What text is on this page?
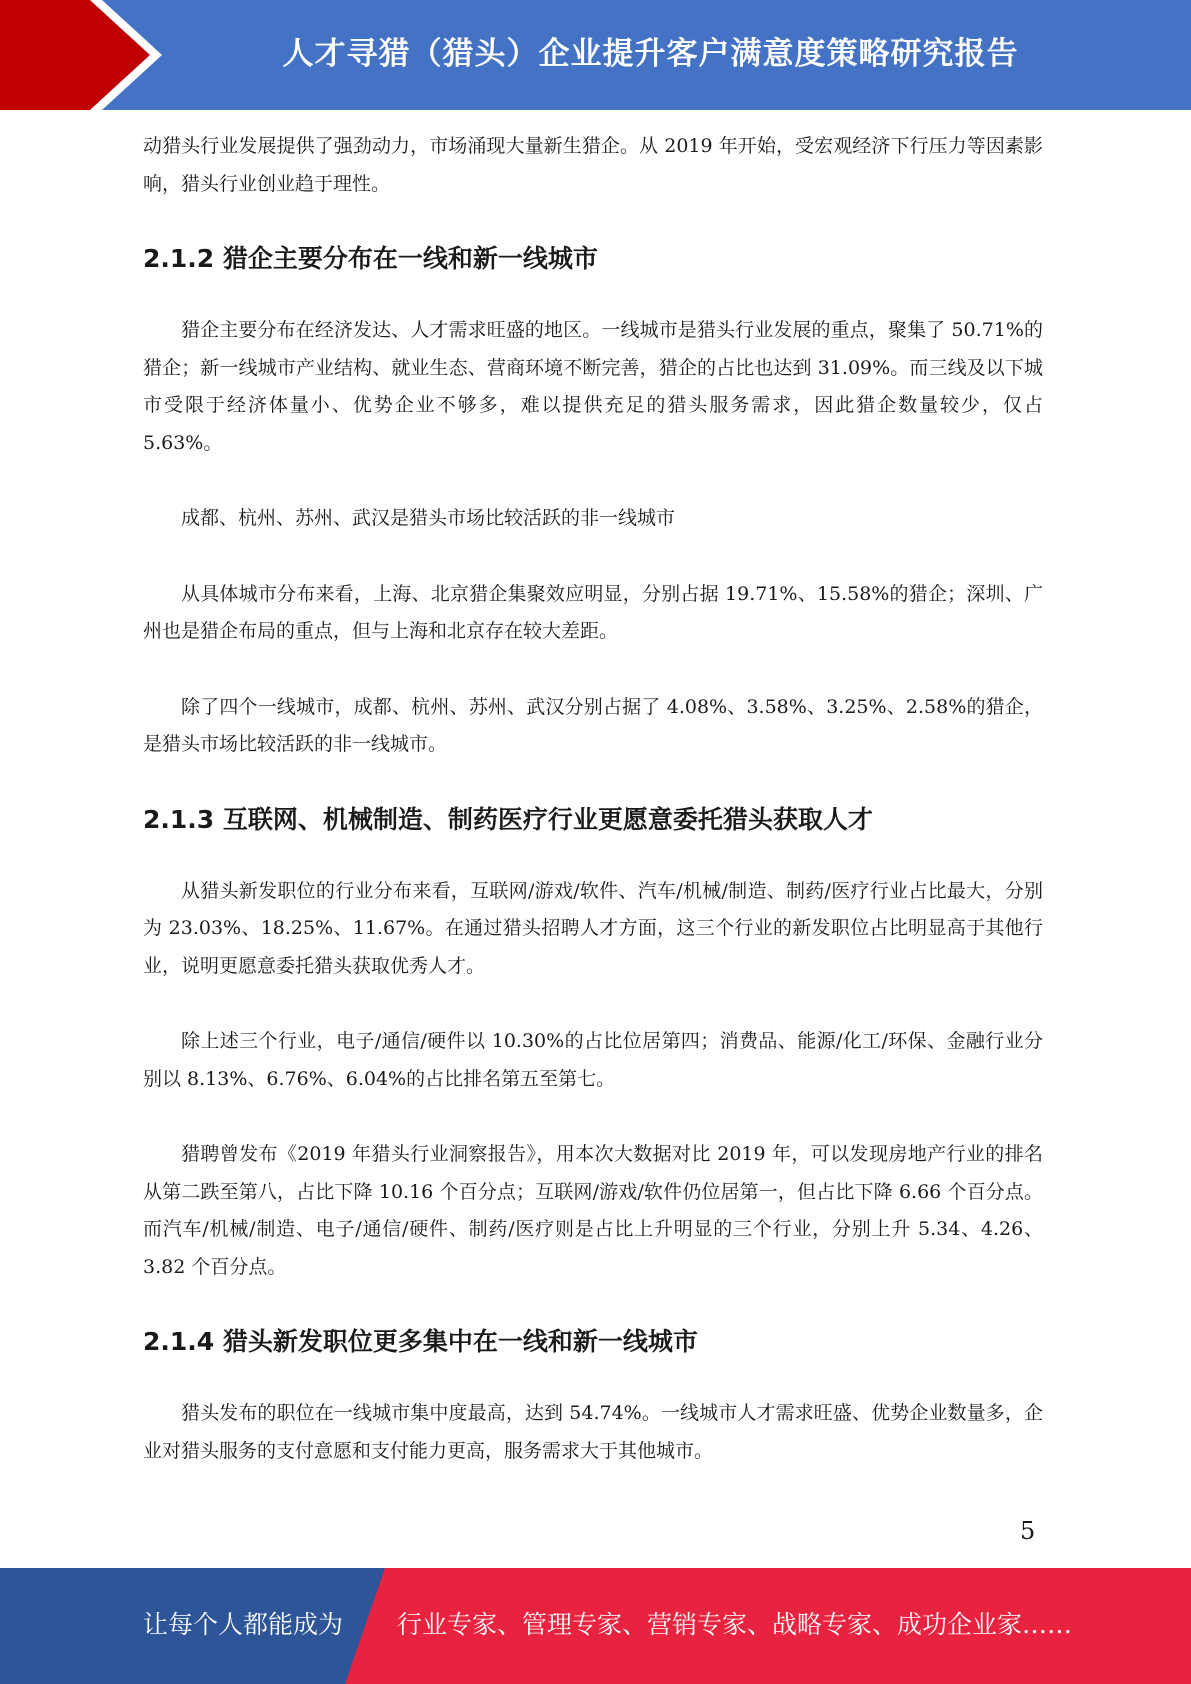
人才寻猎（猎头）企业提升客户满意度策略研究报告

动猎头行业发展提供了强劲动力，市场涌现大量新生猎企。从 2019 年开始，受宏观经济下行压力等因素影响，猎头行业创业趋于理性。

2.1.2 猎企主要分布在一线和新一线城市

猎企主要分布在经济发达、人才需求旺盛的地区。一线城市是猎头行业发展的重点，聚集了 50.71%的猎企；新一线城市产业结构、就业生态、营商环境不断完善，猎企的占比也达到 31.09%。而三线及以下城市受限于经济体量小、优势企业不够多，难以提供充足的猎头服务需求，因此猎企数量较少，仅占 5.63%。

成都、杭州、苏州、武汉是猎头市场比较活跃的非一线城市

从具体城市分布来看，上海、北京猎企集聚效应明显，分别占据 19.71%、15.58%的猎企；深圳、广州也是猎企布局的重点，但与上海和北京存在较大差距。

除了四个一线城市，成都、杭州、苏州、武汉分别占据了 4.08%、3.58%、3.25%、2.58%的猎企，是猎头市场比较活跃的非一线城市。

2.1.3 互联网、机械制造、制药医疗行业更愿意委托猎头获取人才

从猎头新发职位的行业分布来看，互联网/游戏/软件、汽车/机械/制造、制药/医疗行业占比最大，分别为 23.03%、18.25%、11.67%。在通过猎头招聘人才方面，这三个行业的新发职位占比明显高于其他行业，说明更愿意委托猎头获取优秀人才。

除上述三个行业，电子/通信/硬件以 10.30%的占比位居第四；消费品、能源/化工/环保、金融行业分别以 8.13%、6.76%、6.04%的占比排名第五至第七。

猎聘曾发布《2019 年猎头行业洞察报告》，用本次大数据对比 2019 年，可以发现房地产行业的排名从第二跌至第八，占比下降 10.16 个百分点；互联网/游戏/软件仍位居第一，但占比下降 6.66 个百分点。而汽车/机械/制造、电子/通信/硬件、制药/医疗则是占比上升明显的三个行业，分别上升 5.34、4.26、3.82 个百分点。

2.1.4 猎头新发职位更多集中在一线和新一线城市

猎头发布的职位在一线城市集中度最高，达到 54.74%。一线城市人才需求旺盛、优势企业数量多，企业对猎头服务的支付意愿和支付能力更高，服务需求大于其他城市。

5
让每个人都能成为 行业专家、管理专家、营销专家、战略专家、成功企业家……
